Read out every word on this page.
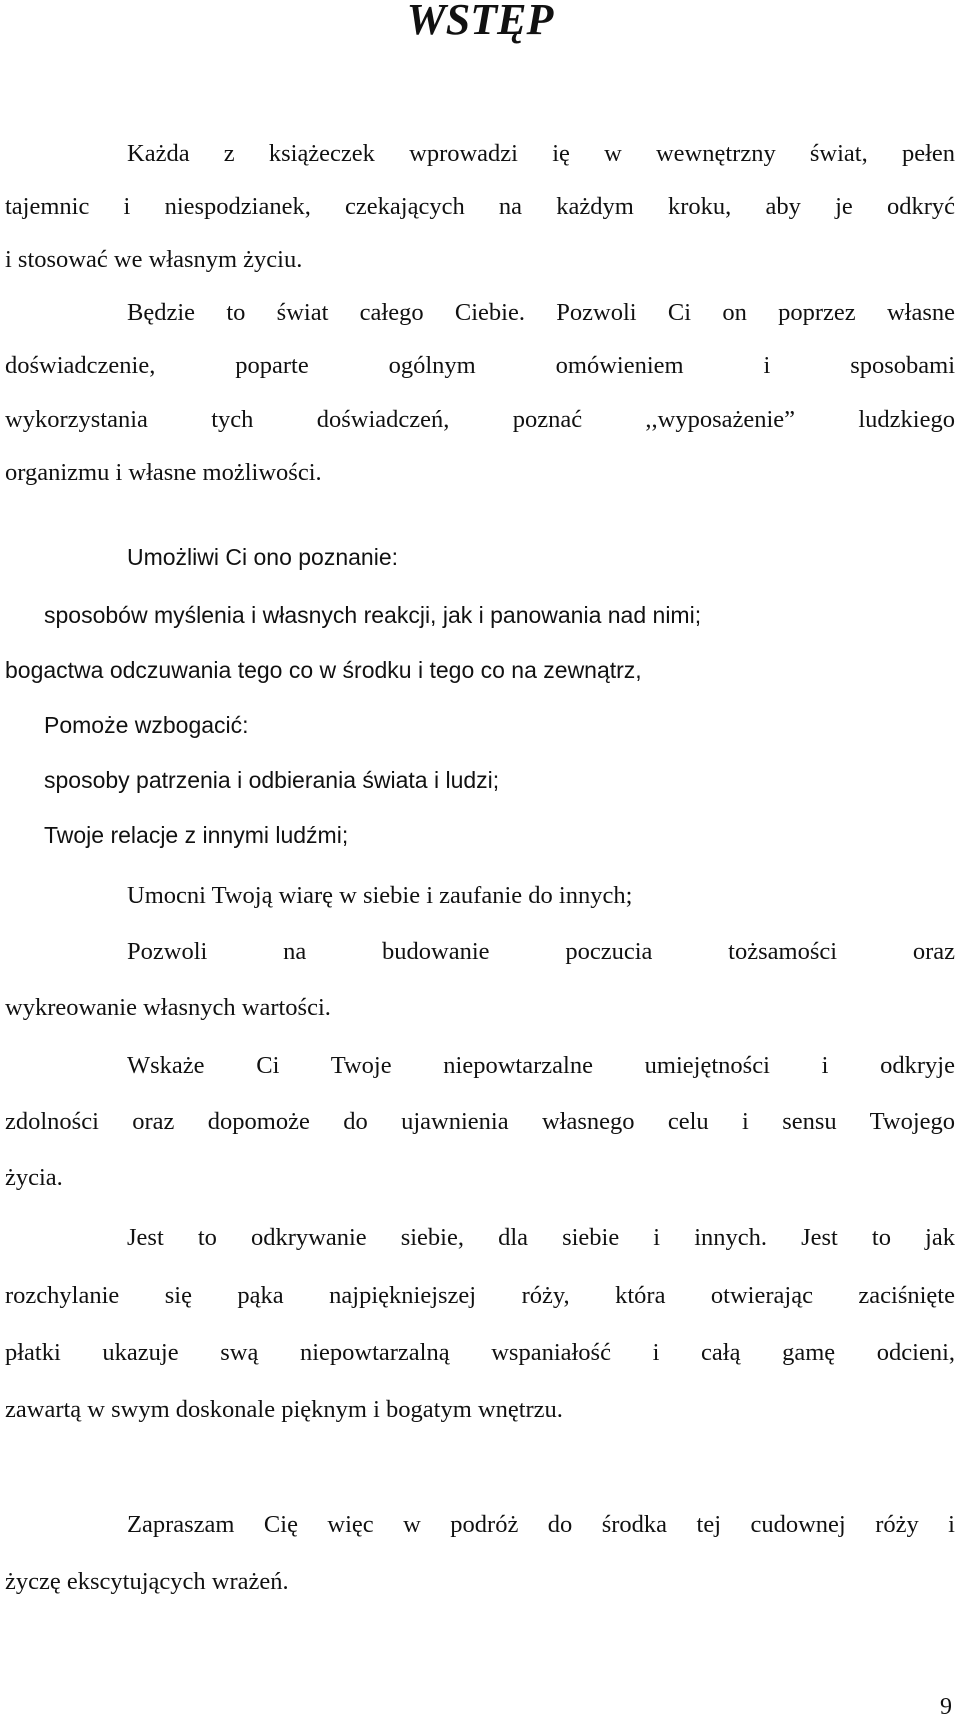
WSTĘP
Każda z książeczek wprowadzi ię w wewnętrzny świat, pełen
tajemnic i niespodzianek, czekających na każdym kroku, aby je odkryć
i stosować we własnym życiu.
Będzie to świat całego Ciebie. Pozwoli Ci on poprzez własne
doświadczenie, poparte ogólnym omówieniem i sposobami
wykorzystania tych doświadczeń, poznać ,,wyposażenie” ludzkiego
organizmu i własne możliwości.
Umożliwi Ci ono poznanie:
sposobów myślenia i własnych reakcji, jak i panowania nad nimi;
bogactwa odczuwania tego co w środku i tego co na zewnątrz,
Pomoże wzbogacić:
sposoby patrzenia i odbierania świata i ludzi;
Twoje relacje z innymi ludźmi;
Umocni Twoją wiarę w siebie i zaufanie do innych;
Pozwoli na budowanie poczucia tożsamości oraz
wykreowanie własnych wartości.
Wskaże Ci Twoje niepowtarzalne umiejętności i odkryje
zdolności oraz dopomoże do ujawnienia własnego celu i sensu Twojego
życia.
Jest to odkrywanie siebie, dla siebie i innych. Jest to jak
rozchylanie się pąka najpiękniejszej róży, która otwierając zaciśnięte
płatki ukazuje swą niepowtarzalną wspaniałość i całą gamę odcieni,
zawartą w swym doskonale pięknym i bogatym wnętrzu.
Zapraszam Cię więc w podróż do środka tej cudownej róży i
życzę ekscytujących wrażeń.
9
